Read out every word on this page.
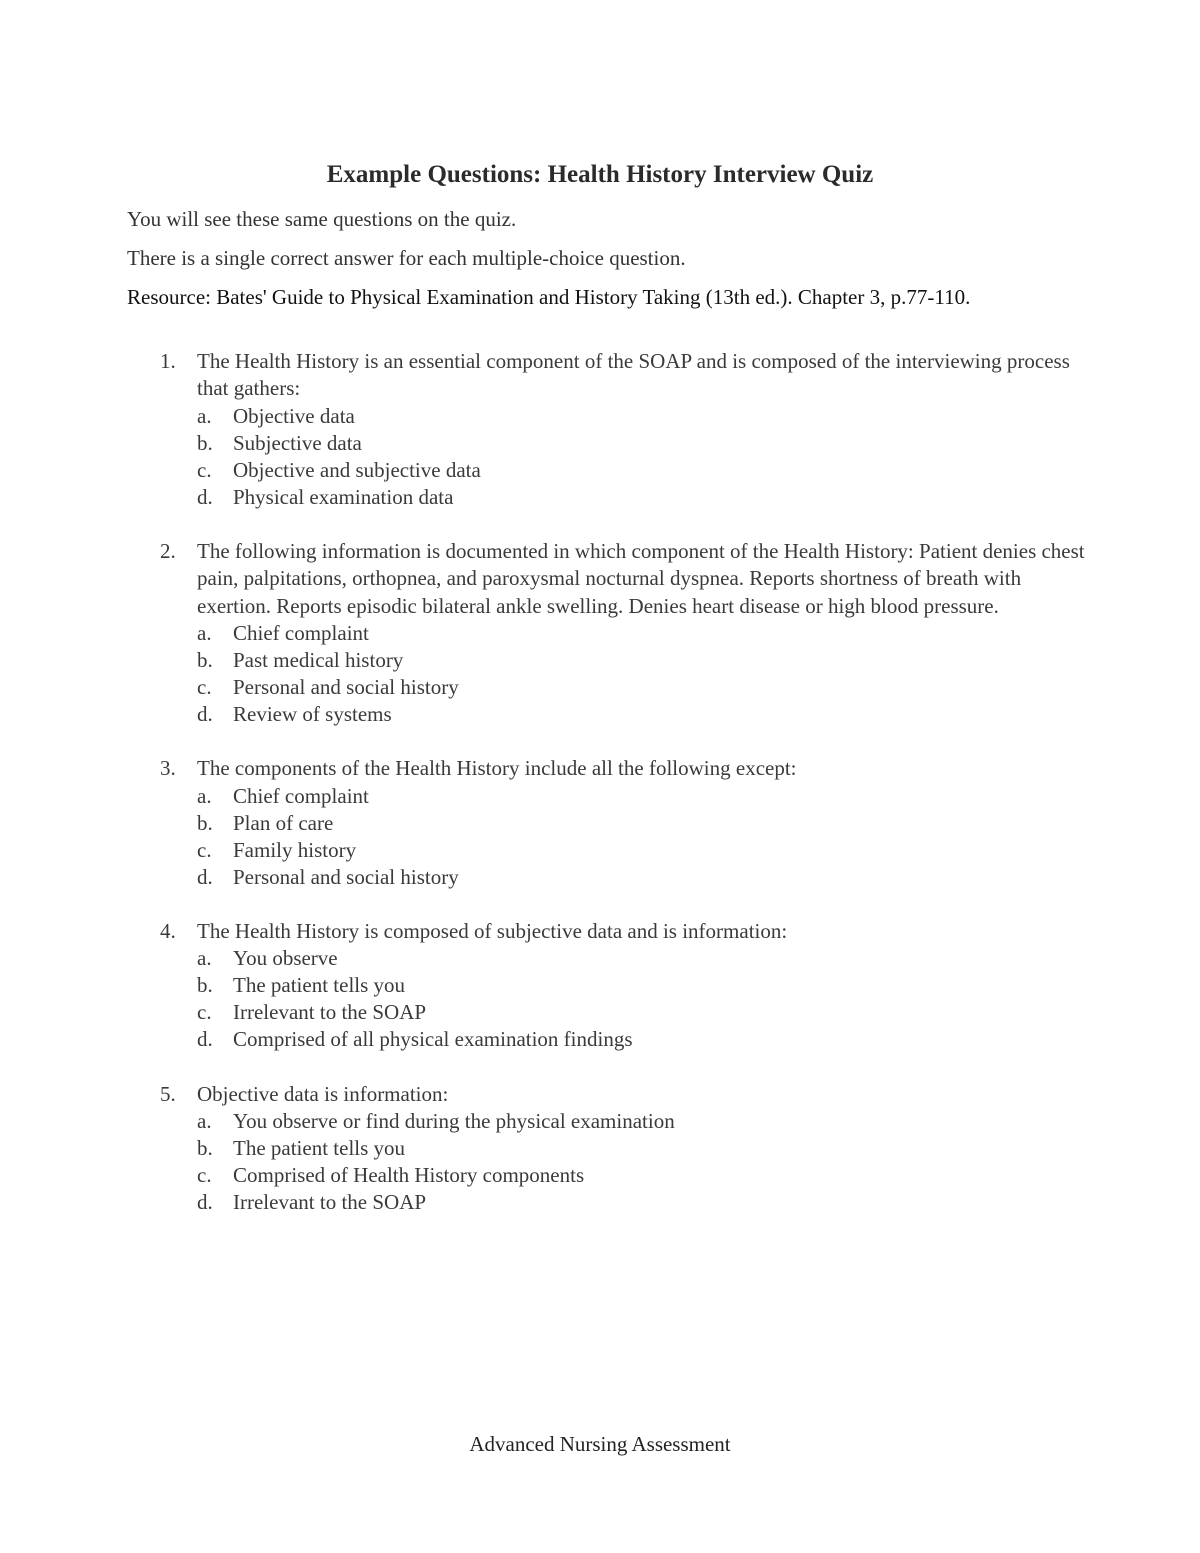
Example Questions: Health History Interview Quiz

You will see these same questions on the quiz.

There is a single correct answer for each multiple-choice question.

Resource: Bates' Guide to Physical Examination and History Taking (13th ed.). Chapter 3, p.77-110.

1. The Health History is an essential component of the SOAP and is composed of the interviewing process that gathers:
a. Objective data
b. Subjective data
c. Objective and subjective data
d. Physical examination data
2. The following information is documented in which component of the Health History: Patient denies chest pain, palpitations, orthopnea, and paroxysmal nocturnal dyspnea. Reports shortness of breath with exertion. Reports episodic bilateral ankle swelling. Denies heart disease or high blood pressure.
a. Chief complaint
b. Past medical history
c. Personal and social history
d. Review of systems
3. The components of the Health History include all the following except:
a. Chief complaint
b. Plan of care
c. Family history
d. Personal and social history
4. The Health History is composed of subjective data and is information:
a. You observe
b. The patient tells you
c. Irrelevant to the SOAP
d. Comprised of all physical examination findings
5. Objective data is information:
a. You observe or find during the physical examination
b. The patient tells you
c. Comprised of Health History components
d. Irrelevant to the SOAP
Advanced Nursing Assessment
